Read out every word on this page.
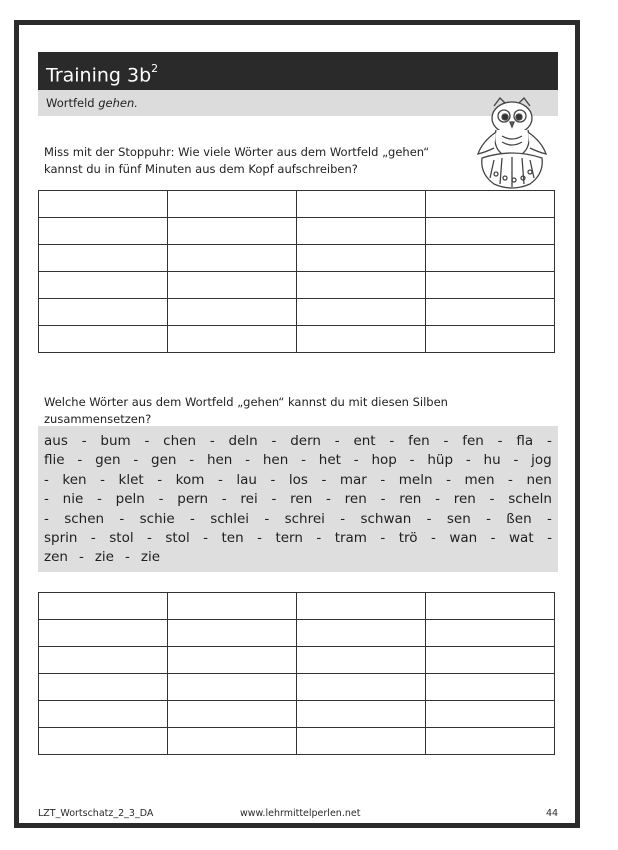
Training $3b^2$
Wortfeld gehen.
Miss mit der Stoppuhr: Wie viele Wörter aus dem Wortfeld „gehen“ kannst du in fünf Minuten aus dem Kopf aufschreiben?

Welche Wörter aus dem Wortfeld „gehen“ kannst du mit diesen Silben zusammensetzen?
aus - bum - chen - deln - dern - ent - fen - fen - fla -
flie - gen - gen - hen - hen - het - hop - hüp - hu - jog
- ken - klet - kom - lau - los - mar - meln - men - nen
- nie - peln - pern - rei - ren - ren - ren - ren - scheln
- schen - schie - schlei - schrei - schwan - sen - ßen -
sprin - stol - stol - ten - tern - tram - trö - wan - wat -
zen - zie - zie

LZT_Wortschatz_2_3_DA	www.lehrmittelperlen.net	44
